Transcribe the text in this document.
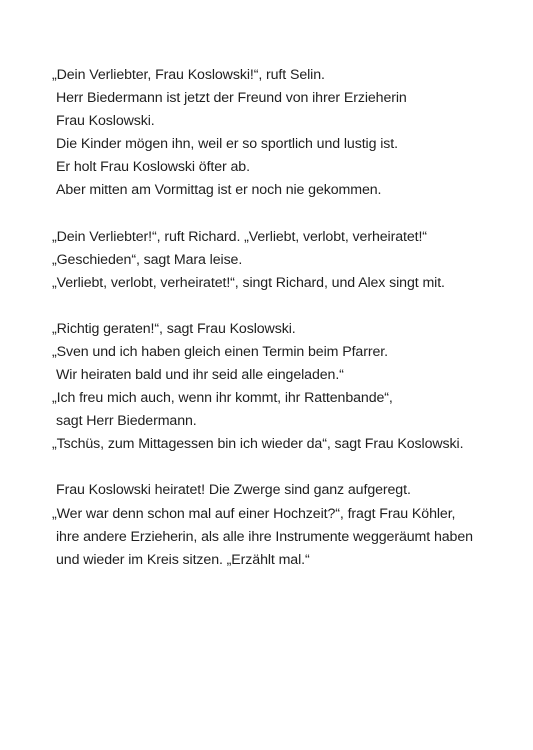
„Dein Verliebter, Frau Koslowski!“, ruft Selin.
Herr Biedermann ist jetzt der Freund von ihrer Erzieherin
Frau Koslowski.
Die Kinder mögen ihn, weil er so sportlich und lustig ist.
Er holt Frau Koslowski öfter ab.
Aber mitten am Vormittag ist er noch nie gekommen.

„Dein Verliebter!“, ruft Richard. „Verliebt, verlobt, verheiratet!“
„Geschieden“, sagt Mara leise.
„Verliebt, verlobt, verheiratet!“, singt Richard, und Alex singt mit.

„Richtig geraten!“, sagt Frau Koslowski.
„Sven und ich haben gleich einen Termin beim Pfarrer.
Wir heiraten bald und ihr seid alle eingeladen.“
„Ich freu mich auch, wenn ihr kommt, ihr Rattenbande“,
sagt Herr Biedermann.
„Tschüs, zum Mittagessen bin ich wieder da“, sagt Frau Koslowski.

Frau Koslowski heiratet! Die Zwerge sind ganz aufgeregt.
„Wer war denn schon mal auf einer Hochzeit?“, fragt Frau Köhler,
ihre andere Erzieherin, als alle ihre Instrumente weggeräumt haben
und wieder im Kreis sitzen. „Erzählt mal.“
